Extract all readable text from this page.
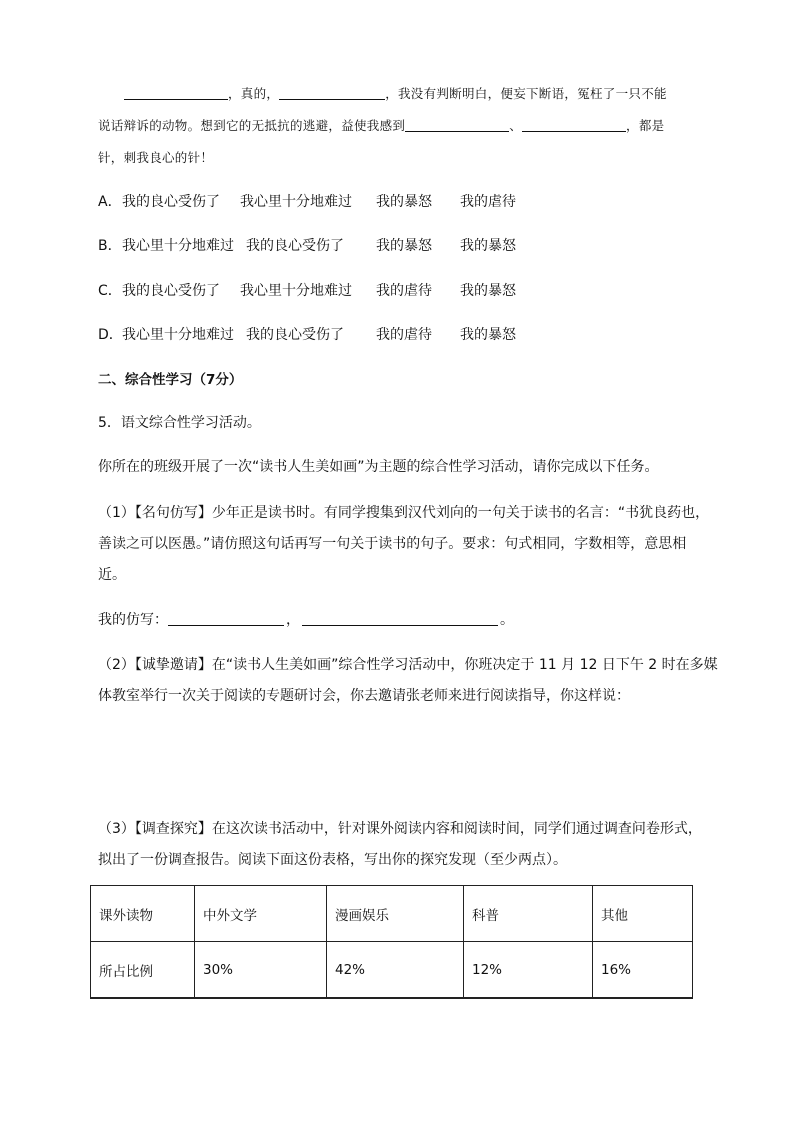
，真的，	，我没有判断明白，便妄下断语，冤枉了一只不能
说话辩诉的动物。想到它的无抵抗的逃避，益使我感到	、	，都是
针，刺我良心的针！
A．我的良心受伤了 我心里十分地难过 我的暴怒 我的虐待
B．我心里十分地难过 我的良心受伤了 我的暴怒 我的暴怒
C．我的良心受伤了 我心里十分地难过 我的虐待 我的暴怒
D．我心里十分地难过 我的良心受伤了 我的虐待 我的暴怒
二、综合性学习（7分）
5．语文综合性学习活动。
你所在的班级开展了一次“读书人生美如画”为主题的综合性学习活动，请你完成以下任务。
（1）【名句仿写】少年正是读书时。有同学搜集到汉代刘向的一句关于读书的名言：“书犹良药也，
善读之可以医愚。”请仿照这句话再写一句关于读书的句子。要求：句式相同，字数相等，意思相
近。
我的仿写：	，	。
（2）【诚挚邀请】在“读书人生美如画”综合性学习活动中，你班决定于 11 月 12 日下午 2 时在多媒
体教室举行一次关于阅读的专题研讨会，你去邀请张老师来进行阅读指导，你这样说：
（3）【调查探究】在这次读书活动中，针对课外阅读内容和阅读时间，同学们通过调查问卷形式，
拟出了一份调查报告。阅读下面这份表格，写出你的探究发现（至少两点）。
课外读物	中外文学	漫画娱乐	科普	其他
所占比例	30%	42%	12%	16%
